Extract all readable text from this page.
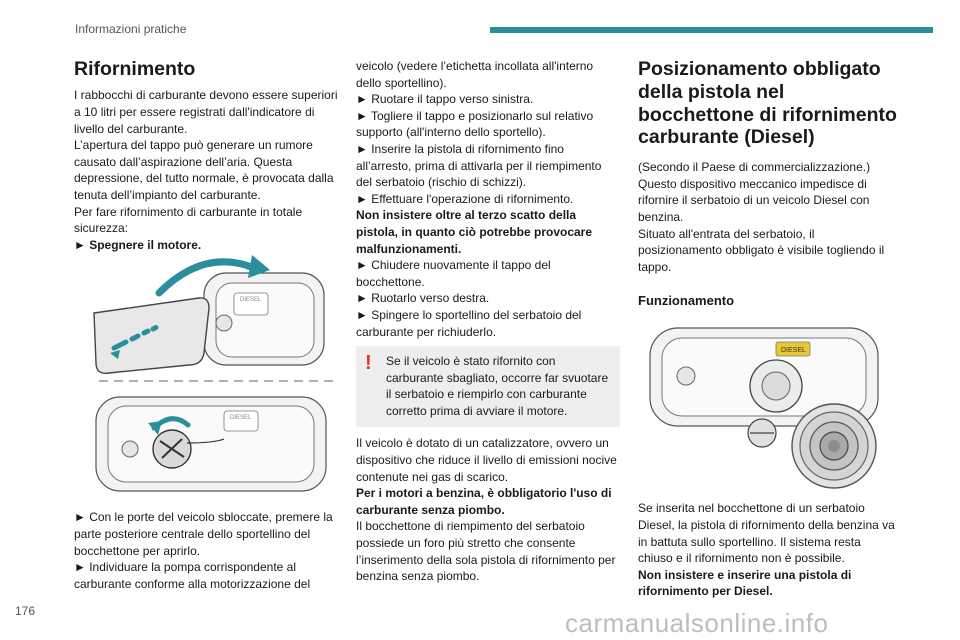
Informazioni pratiche
Rifornimento

I rabbocchi di carburante devono essere superiori a 10 litri per essere registrati dall'indicatore di livello del carburante.

L’apertura del tappo può generare un rumore causato dall’aspirazione dell’aria. Questa depressione, del tutto normale, è provocata dalla tenuta dell’impianto del carburante.

Per fare rifornimento di carburante in totale sicurezza:

► Spegnere il motore.

DIESEL
DIESEL

► Con le porte del veicolo sbloccate, premere la parte posteriore centrale dello sportellino del bocchettone per aprirlo.

► Individuare la pompa corrispondente al carburante conforme alla motorizzazione del

veicolo (vedere l’etichetta incollata all'interno dello sportellino).

► Ruotare il tappo verso sinistra.

► Togliere il tappo e posizionarlo sul relativo supporto (all'interno dello sportello).

► Inserire la pistola di rifornimento fino all’arresto, prima di attivarla per il riempimento del serbatoio (rischio di schizzi).

► Effettuare l'operazione di rifornimento.

Non insistere oltre al terzo scatto della pistola, in quanto ciò potrebbe provocare malfunzionamenti.

► Chiudere nuovamente il tappo del bocchettone.

► Ruotarlo verso destra.

► Spingere lo sportellino del serbatoio del carburante per richiuderlo.

!	Se il veicolo è stato rifornito con carburante sbagliato, occorre far svuotare il serbatoio e riempirlo con carburante corretto prima di avviare il motore.

Il veicolo è dotato di un catalizzatore, ovvero un dispositivo che riduce il livello di emissioni nocive contenute nei gas di scarico.

Per i motori a benzina, è obbligatorio l'uso di carburante senza piombo.

Il bocchettone di riempimento del serbatoio possiede un foro più stretto che consente l’inserimento della sola pistola di rifornimento per benzina senza piombo.

Posizionamento obbligato della pistola nel bocchettone di rifornimento carburante (Diesel)

(Secondo il Paese di commercializzazione.) Questo dispositivo meccanico impedisce di rifornire il serbatoio di un veicolo Diesel con benzina.

Situato all'entrata del serbatoio, il posizionamento obbligato è visibile togliendo il tappo.

Funzionamento
DIESEL

Se inserita nel bocchettone di un serbatoio Diesel, la pistola di rifornimento della benzina va in battuta sullo sportellino. Il sistema resta chiuso e il rifornimento non è possibile.

Non insistere e inserire una pistola di rifornimento per Diesel.

176	carmanualsonline.info
